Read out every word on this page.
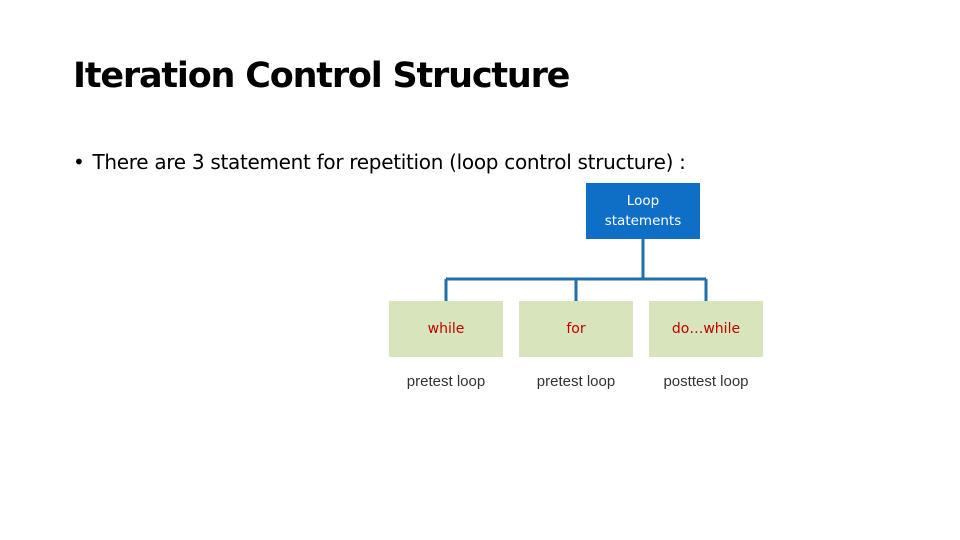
Iteration Control Structure
• There are 3 statement for repetition (loop control structure) :
Loop
statements
while	for	do…while
pretest loop	pretest loop	posttest loop
